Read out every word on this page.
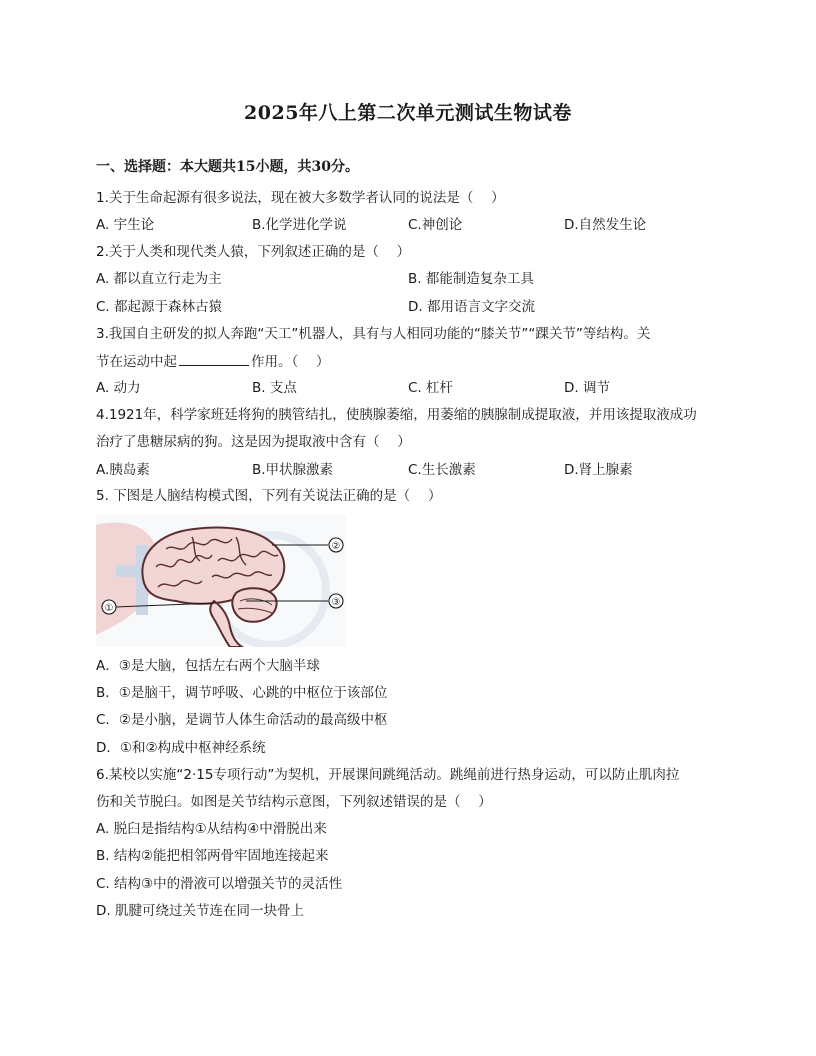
2025年八上第二次单元测试生物试卷
一、选择题：本大题共15小题，共30分。
1.关于生命起源有很多说法，现在被大多数学者认同的说法是（　 ）
A. 宇生论	B.化学进化学说	C.神创论	D.自然发生论
2.关于人类和现代类人猿，下列叙述正确的是（　 ）
A. 都以直立行走为主	B. 都能制造复杂工具
C. 都起源于森林古猿	D. 都用语言文字交流
3.我国自主研发的拟人奔跑“天工”机器人，具有与人相同功能的“膝关节”“踝关节”等结构。关
节在运动中起	作用。（　 ）
A. 动力	B. 支点	C. 杠杆	D. 调节
4.1921年，科学家班廷将狗的胰管结扎，使胰腺萎缩，用萎缩的胰腺制成提取液，并用该提取液成功
治疗了患糖尿病的狗。这是因为提取液中含有（　 ）
A.胰岛素	B.甲状腺激素	C.生长激素	D.肾上腺素
5. 下图是人脑结构模式图，下列有关说法正确的是（　 ）
①
②
③
A．③是大脑，包括左右两个大脑半球
B．①是脑干，调节呼吸、心跳的中枢位于该部位
C．②是小脑，是调节人体生命活动的最高级中枢
D．①和②构成中枢神经系统
6.某校以实施“2·15专项行动”为契机，开展课间跳绳活动。跳绳前进行热身运动，可以防止肌肉拉
伤和关节脱臼。如图是关节结构示意图，下列叙述错误的是（　 ）
A. 脱臼是指结构①从结构④中滑脱出来
B. 结构②能把相邻两骨牢固地连接起来
C. 结构③中的滑液可以增强关节的灵活性
D. 肌腱可绕过关节连在同一块骨上
